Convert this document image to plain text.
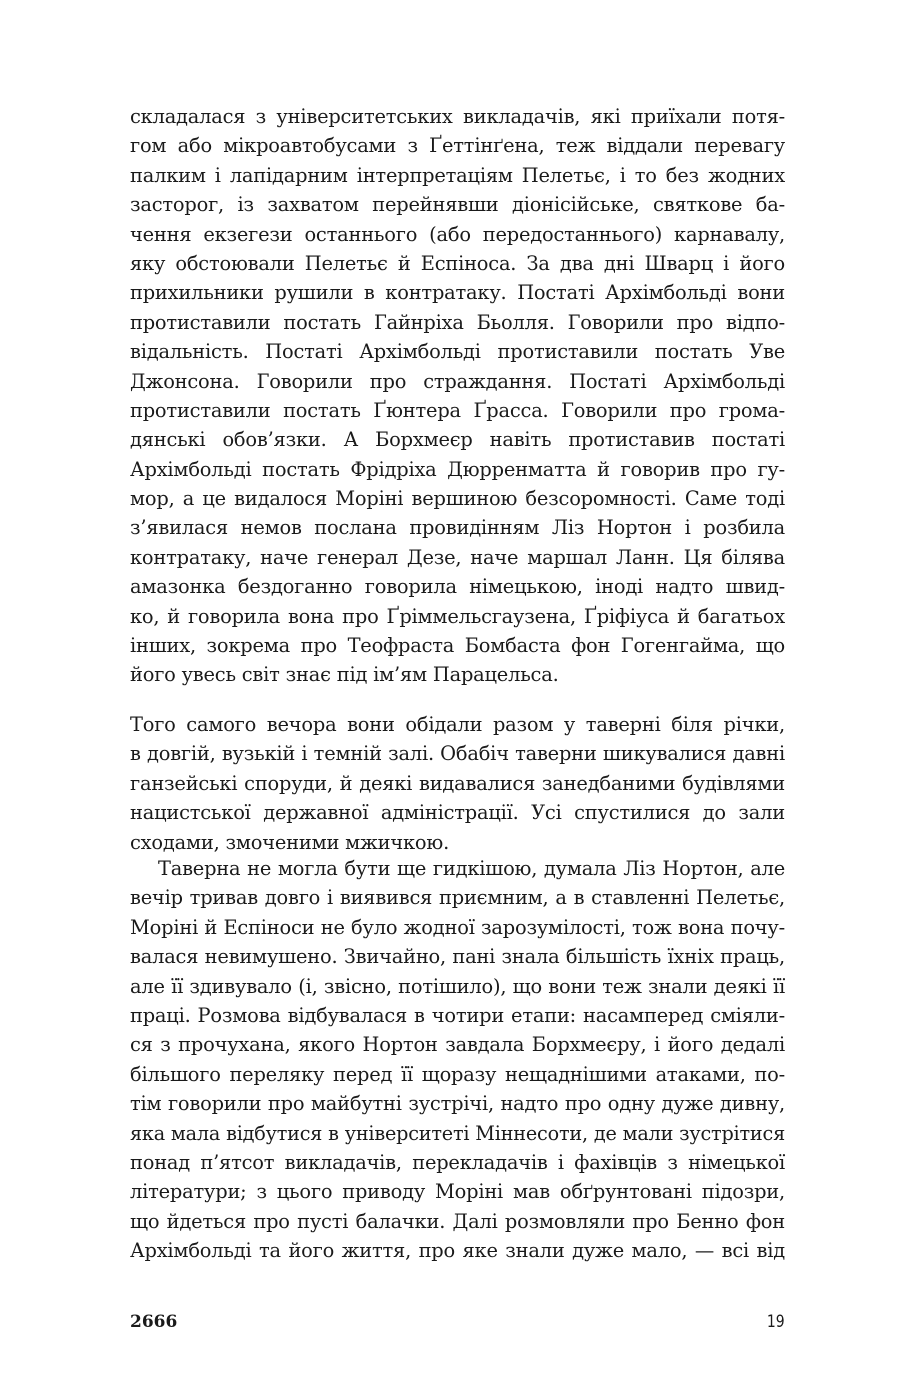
складалася з університетських викладачів, які приїхали потя-
гом або мікроавтобусами з Ґеттінґена, теж віддали перевагу
палким і лапідарним інтерпретаціям Пелетьє, і то без жодних
засторог, із захватом перейнявши діонісійське, святкове ба-
чення екзегези останнього (або передостаннього) карнавалу,
яку обстоювали Пелетьє й Еспіноса. За два дні Шварц і його
прихильники рушили в контратаку. Постаті Архімбольді вони
протиставили постать Гайнріха Бьолля. Говорили про відпо-
відальність. Постаті Архімбольді протиставили постать Уве
Джонсона. Говорили про страждання. Постаті Архімбольді
протиставили постать Ґюнтера Ґрасса. Говорили про грома-
дянські обов’язки. А Борхмеєр навіть протиставив постаті
Архімбольді постать Фрідріха Дюрренматта й говорив про гу-
мор, а це видалося Моріні вершиною безсоромності. Саме тоді
з’явилася немов послана провидінням Ліз Нортон і розбила
контратаку, наче генерал Дезе, наче маршал Ланн. Ця білява
амазонка бездоганно говорила німецькою, іноді надто швид-
ко, й говорила вона про Ґріммельсгаузена, Ґріфіуса й багатьох
інших, зокрема про Теофраста Бомбаста фон Гогенгайма, що
його увесь світ знає під ім’ям Парацельса.
Того самого вечора вони обідали разом у таверні біля річки,
в довгій, вузькій і темній залі. Обабіч таверни шикувалися давні
ганзейські споруди, й деякі видавалися занедбаними будівлями
нацистської державної адміністрації. Усі спустилися до зали
сходами, змоченими мжичкою.
Таверна не могла бути ще гидкішою, думала Ліз Нортон, але
вечір тривав довго і виявився приємним, а в ставленні Пелетьє,
Моріні й Еспіноси не було жодної зарозумілості, тож вона почу-
валася невимушено. Звичайно, пані знала більшість їхніх праць,
але її здивувало (і, звісно, потішило), що вони теж знали деякі її
праці. Розмова відбувалася в чотири етапи: насамперед сміяли-
ся з прочухана, якого Нортон завдала Борхмеєру, і його дедалі
більшого переляку перед її щоразу нещаднішими атаками, по-
тім говорили про майбутні зустрічі, надто про одну дуже дивну,
яка мала відбутися в університеті Міннесоти, де мали зустрітися
понад п’ятсот викладачів, перекладачів і фахівців з німецької
літератури; з цього приводу Моріні мав обґрунтовані підозри,
що йдеться про пусті балачки. Далі розмовляли про Бенно фон
Архімбольді та його життя, про яке знали дуже мало, — всі від
2666	19
